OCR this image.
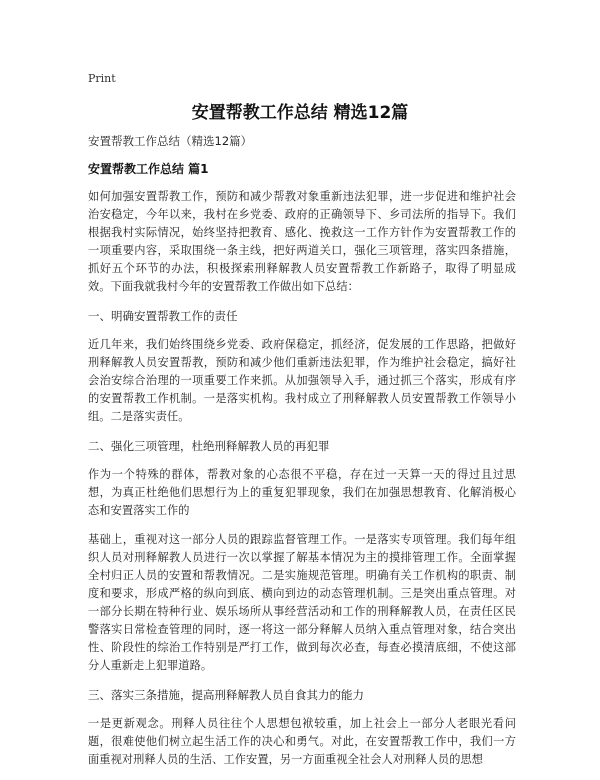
Print
安置帮教工作总结 精选12篇

安置帮教工作总结（精选12篇）

安置帮教工作总结 篇1

如何加强安置帮教工作，预防和减少帮教对象重新违法犯罪，进一步促进和维护社会治安稳定，今年以来，我村在乡党委、政府的正确领导下、乡司法所的指导下。我们根据我村实际情况，始终坚持把教育、感化、挽救这一工作方针作为安置帮教工作的一项重要内容，采取围绕一条主线，把好两道关口，强化三项管理，落实四条措施，抓好五个环节的办法，积极探索刑释解教人员安置帮教工作新路子，取得了明显成效。下面我就我村今年的安置帮教工作做出如下总结：

一、明确安置帮教工作的责任

近几年来，我们始终围绕乡党委、政府保稳定，抓经济，促发展的工作思路，把做好刑释解教人员安置帮教，预防和减少他们重新违法犯罪，作为维护社会稳定，搞好社会治安综合治理的一项重要工作来抓。从加强领导入手，通过抓三个落实，形成有序的安置帮教工作机制。一是落实机构。我村成立了刑释解教人员安置帮教工作领导小组。二是落实责任。

二、强化三项管理，杜绝刑释解教人员的再犯罪

作为一个特殊的群体，帮教对象的心态很不平稳，存在过一天算一天的得过且过思想，为真正杜绝他们思想行为上的重复犯罪现象，我们在加强思想教育、化解消极心态和安置落实工作的

基础上，重视对这一部分人员的跟踪监督管理工作。一是落实专项管理。我们每年组织人员对刑释解教人员进行一次以掌握了解基本情况为主的摸排管理工作。全面掌握全村归正人员的安置和帮教情况。二是实施规范管理。明确有关工作机构的职责、制度和要求，形成严格的纵向到底、横向到边的动态管理机制。三是突出重点管理。对一部分长期在特种行业、娱乐场所从事经营活动和工作的刑释解教人员，在责任区民警落实日常检查管理的同时，逐一将这一部分释解人员纳入重点管理对象，结合突出性、阶段性的综治工作特别是严打工作，做到每次必查，每查必摸清底细，不使这部分人重新走上犯罪道路。

三、落实三条措施，提高刑释解教人员自食其力的能力

一是更新观念。刑释人员往往个人思想包袱较重，加上社会上一部分人老眼光看问题，很难使他们树立起生活工作的决心和勇气。对此，在安置帮教工作中，我们一方面重视对刑释人员的生活、工作安置，另一方面重视全社会人对刑释人员的思想
